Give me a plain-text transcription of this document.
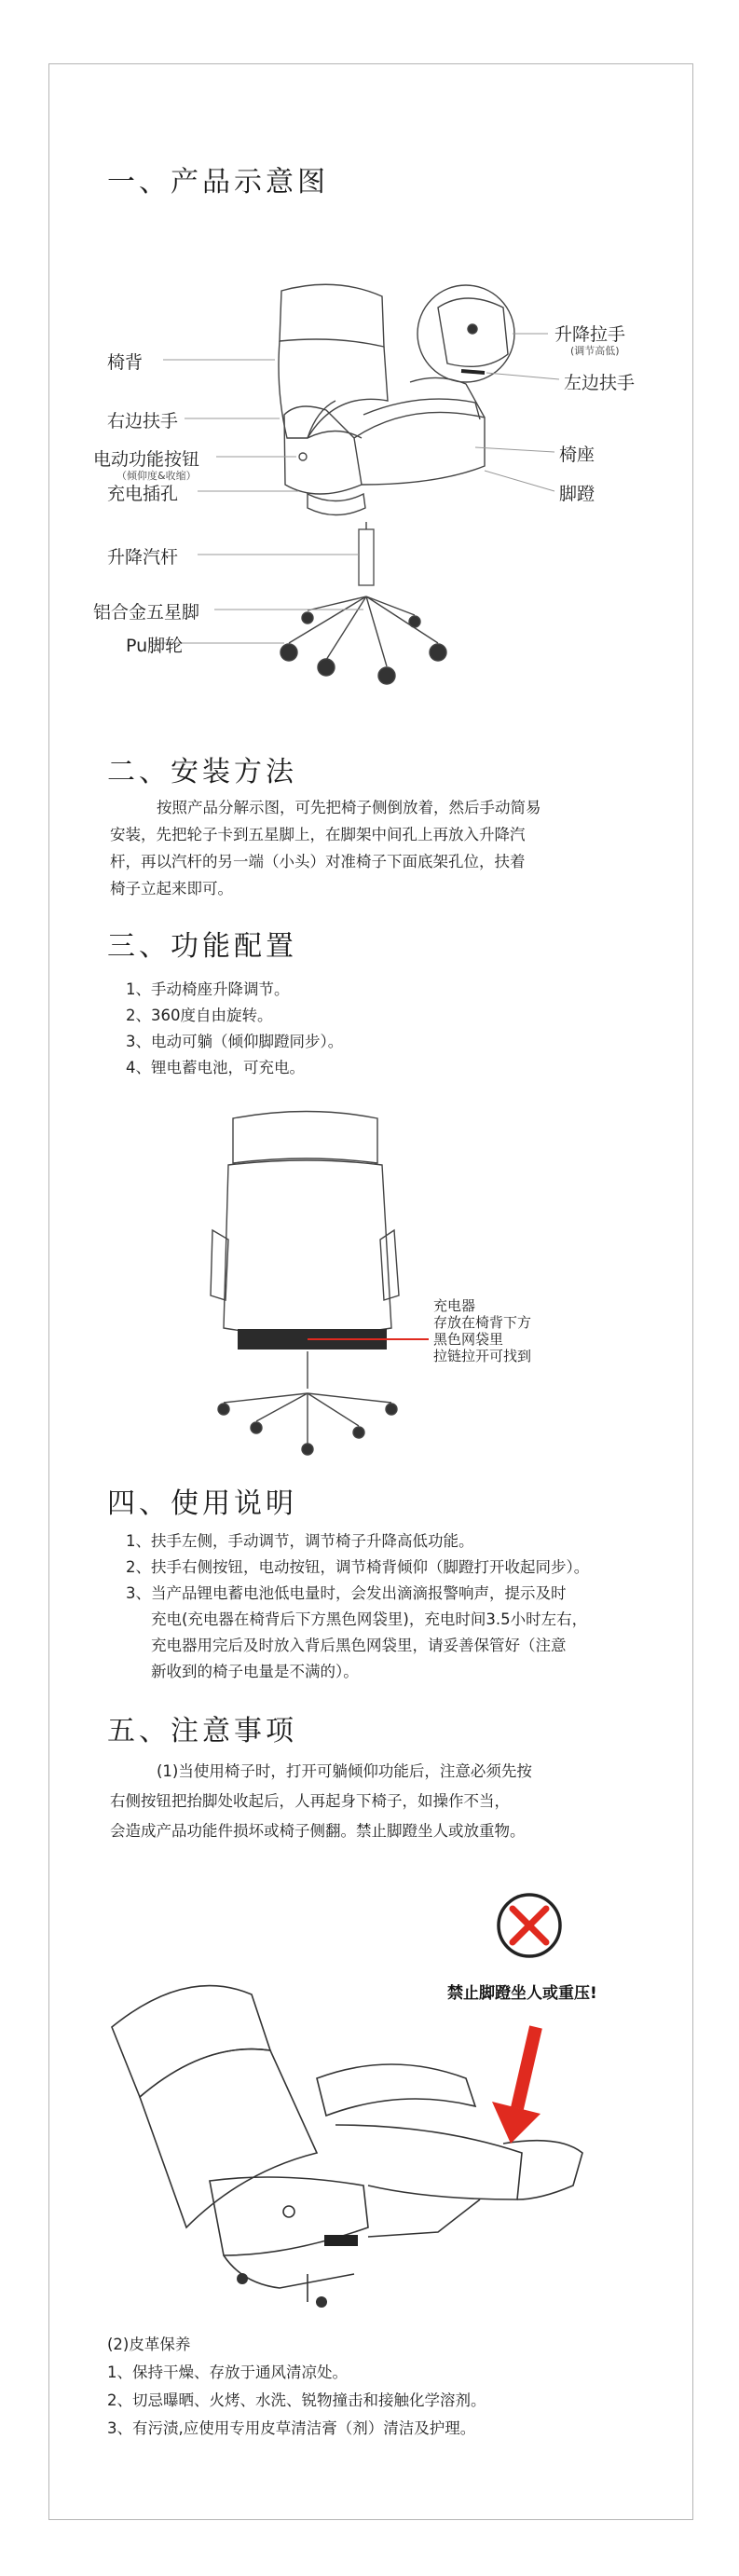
一、产品示意图
椅背
右边扶手
电动功能按钮
（倾仰度&收缩）
充电插孔
升降汽杆
铝合金五星脚
Pu脚轮
升降拉手
(调节高低)
左边扶手
椅座
脚蹬
二、安装方法
按照产品分解示图，可先把椅子侧倒放着，然后手动简易
安装，先把轮子卡到五星脚上，在脚架中间孔上再放入升降汽
杆，再以汽杆的另一端（小头）对准椅子下面底架孔位，扶着
椅子立起来即可。
三、功能配置
1、手动椅座升降调节。
2、360度自由旋转。
3、电动可躺（倾仰脚蹬同步）。
4、锂电蓄电池，可充电。
充电器
存放在椅背下方
黑色网袋里
拉链拉开可找到
四、使用说明
1、扶手左侧，手动调节，调节椅子升降高低功能。
2、扶手右侧按钮，电动按钮，调节椅背倾仰（脚蹬打开收起同步）。
3、当产品锂电蓄电池低电量时，会发出滴滴报警响声，提示及时
充电(充电器在椅背后下方黑色网袋里)，充电时间3.5小时左右，
充电器用完后及时放入背后黑色网袋里，请妥善保管好（注意
新收到的椅子电量是不满的）。
五、注意事项
(1)当使用椅子时，打开可躺倾仰功能后，注意必须先按
右侧按钮把抬脚处收起后，人再起身下椅子，如操作不当，
会造成产品功能件损坏或椅子侧翻。禁止脚蹬坐人或放重物。
禁止脚蹬坐人或重压!
(2)皮革保养
1、保持干燥、存放于通风清凉处。
2、切忌曝晒、火烤、水洗、锐物撞击和接触化学溶剂。
3、有污渍,应使用专用皮草清洁膏（剂）清洁及护理。
